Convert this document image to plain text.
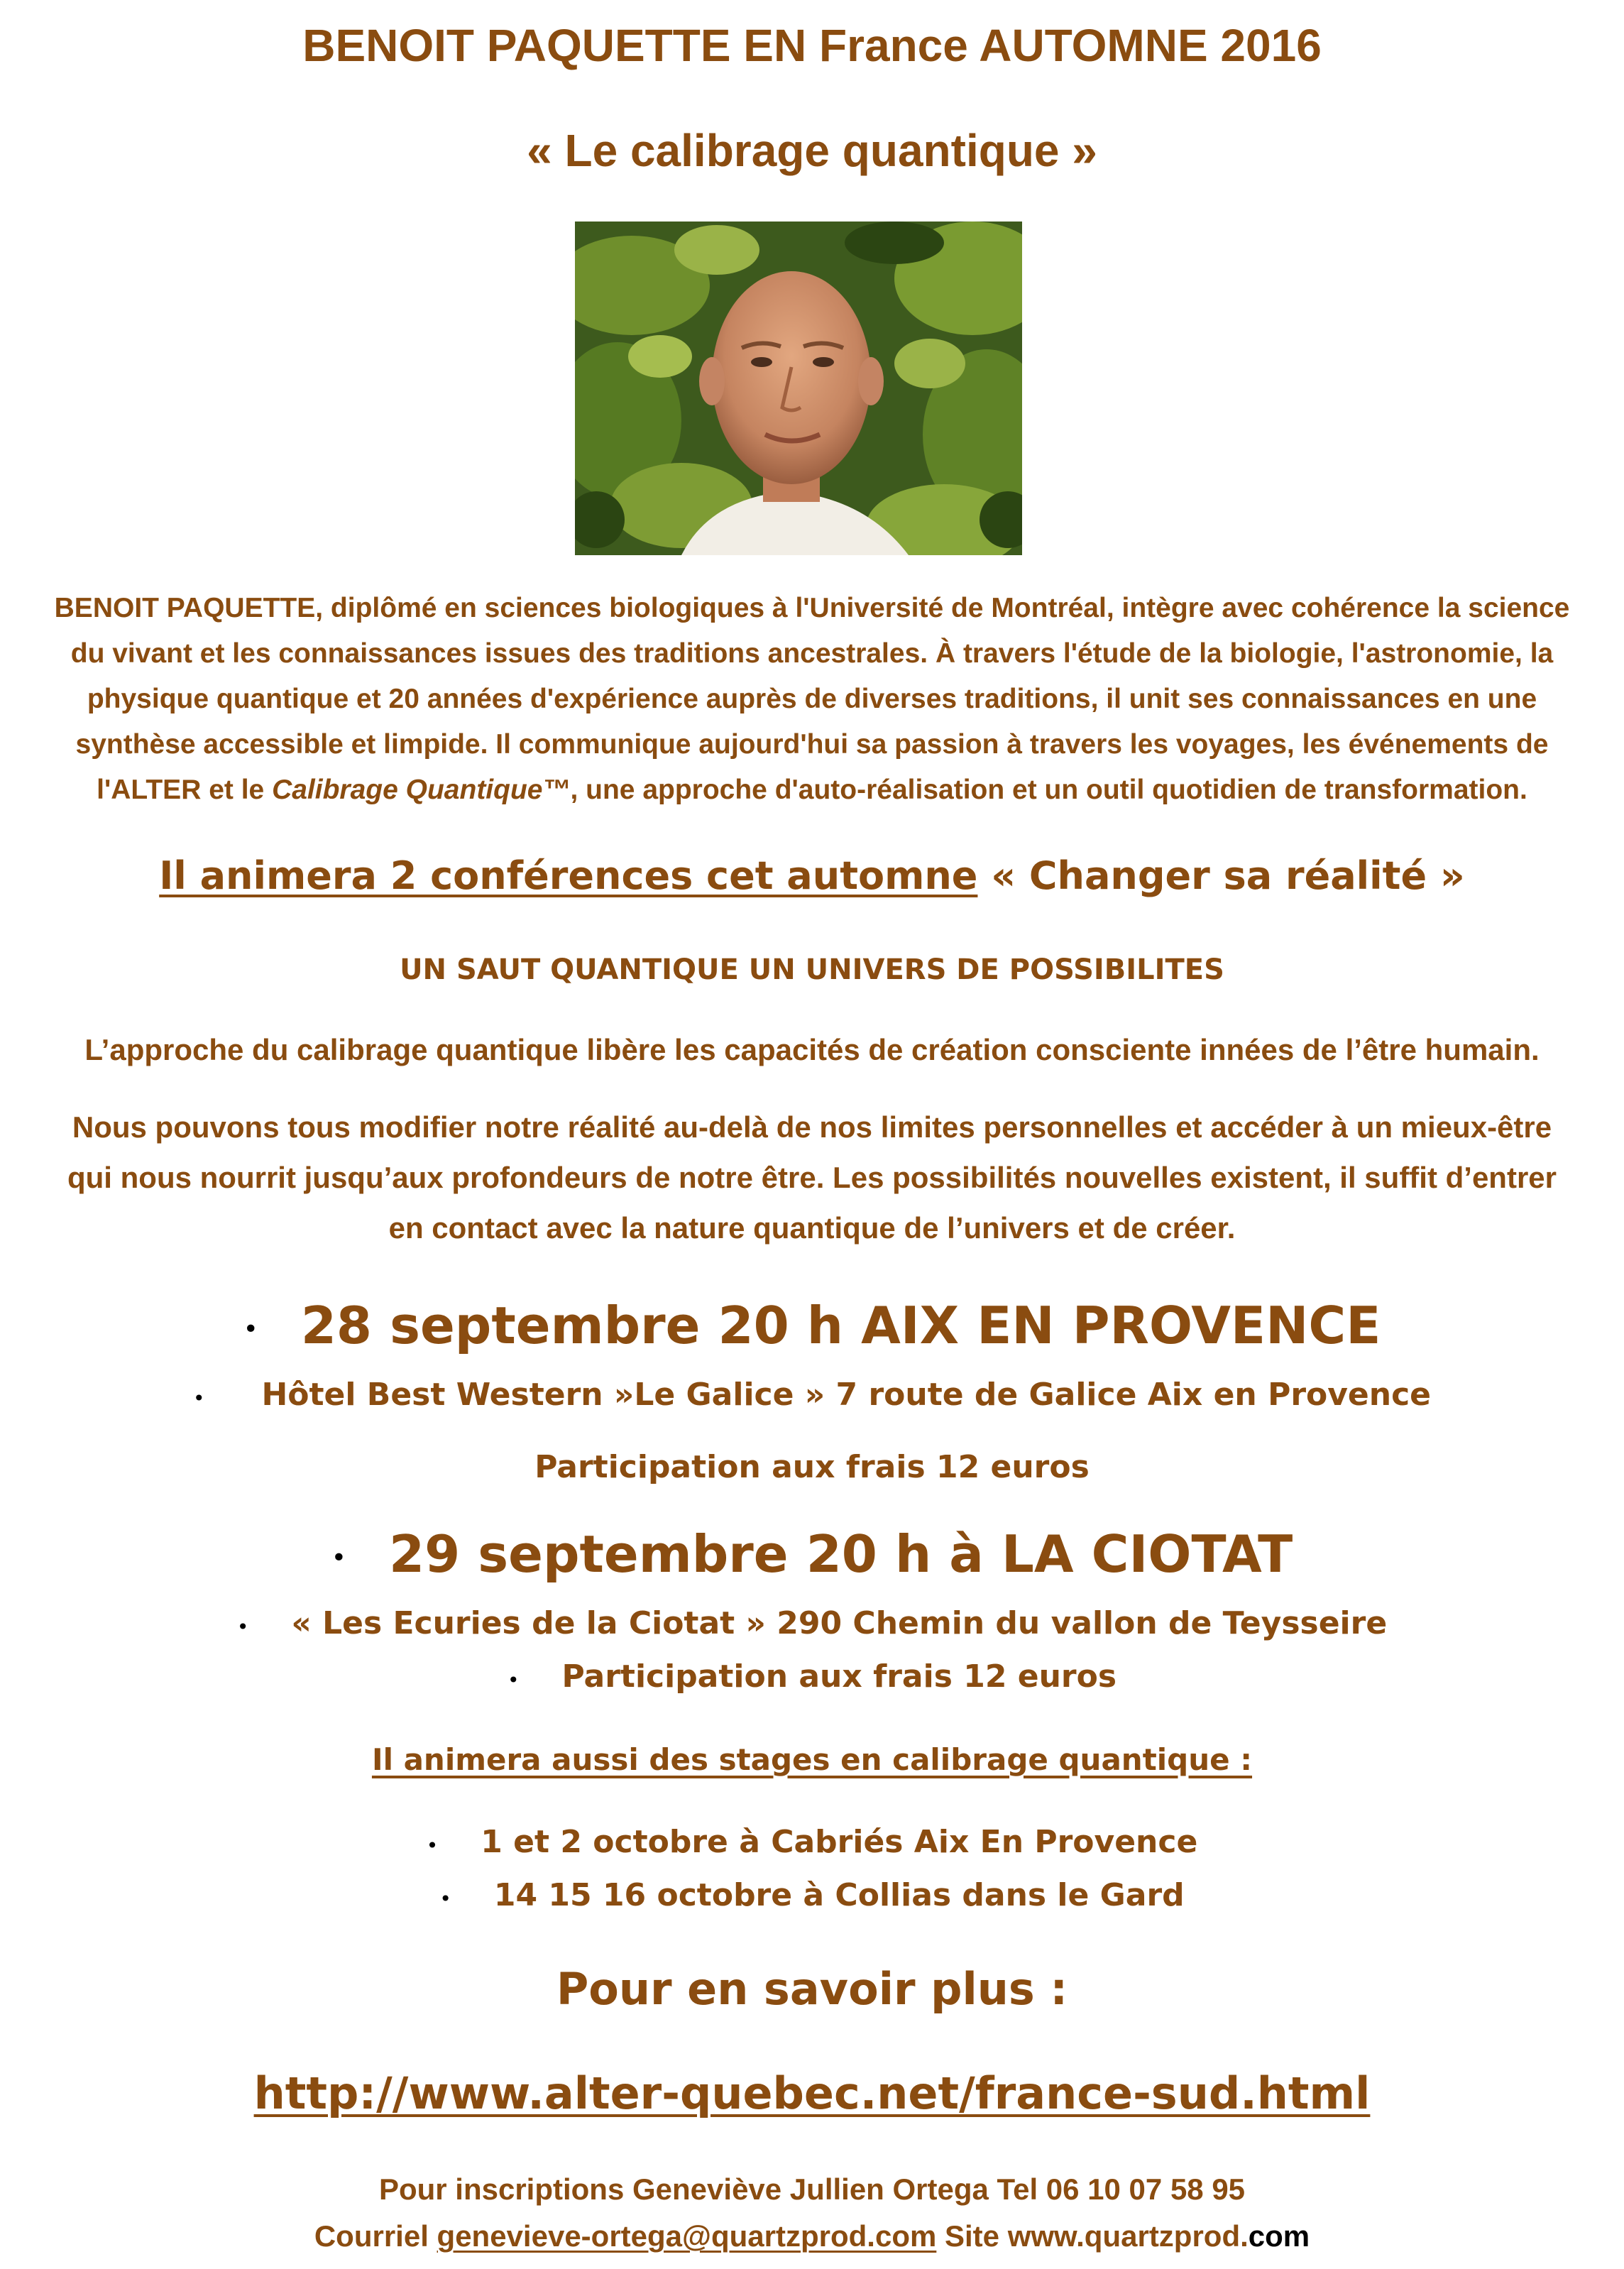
BENOIT PAQUETTE EN France AUTOMNE 2016
« Le calibrage quantique »
BENOIT PAQUETTE, diplômé en sciences biologiques à l'Université de Montréal, intègre avec cohérence la science
du vivant et les connaissances issues des traditions ancestrales. À travers l'étude de la biologie, l'astronomie, la
physique quantique et 20 années d'expérience auprès de diverses traditions, il unit ses connaissances en une
synthèse accessible et limpide. Il communique aujourd'hui sa passion à travers les voyages, les événements de
l'ALTER et le Calibrage Quantique™, une approche d'auto-réalisation et un outil quotidien de transformation.
Il animera 2 conférences cet automne « Changer sa réalité »
UN SAUT QUANTIQUE UN UNIVERS DE POSSIBILITES
L’approche du calibrage quantique libère les capacités de création consciente innées de l’être humain.
Nous pouvons tous modifier notre réalité au-delà de nos limites personnelles et accéder à un mieux-être
qui nous nourrit jusqu’aux profondeurs de notre être. Les possibilités nouvelles existent, il suffit d’entrer
en contact avec la nature quantique de l’univers et de créer.
• 28 septembre 20 h AIX EN PROVENCE
• Hôtel Best Western »Le Galice » 7 route de Galice Aix en Provence
Participation aux frais 12 euros
• 29 septembre 20 h à LA CIOTAT
• « Les Ecuries de la Ciotat » 290 Chemin du vallon de Teysseire
• Participation aux frais 12 euros
Il animera aussi des stages en calibrage quantique :
• 1 et 2 octobre à Cabriés Aix En Provence
• 14 15 16 octobre à Collias dans le Gard
Pour en savoir plus :
http://www.alter-quebec.net/france-sud.html
Pour inscriptions Geneviève Jullien Ortega Tel 06 10 07 58 95
Courriel genevieve-ortega@quartzprod.com Site www.quartzprod.com
